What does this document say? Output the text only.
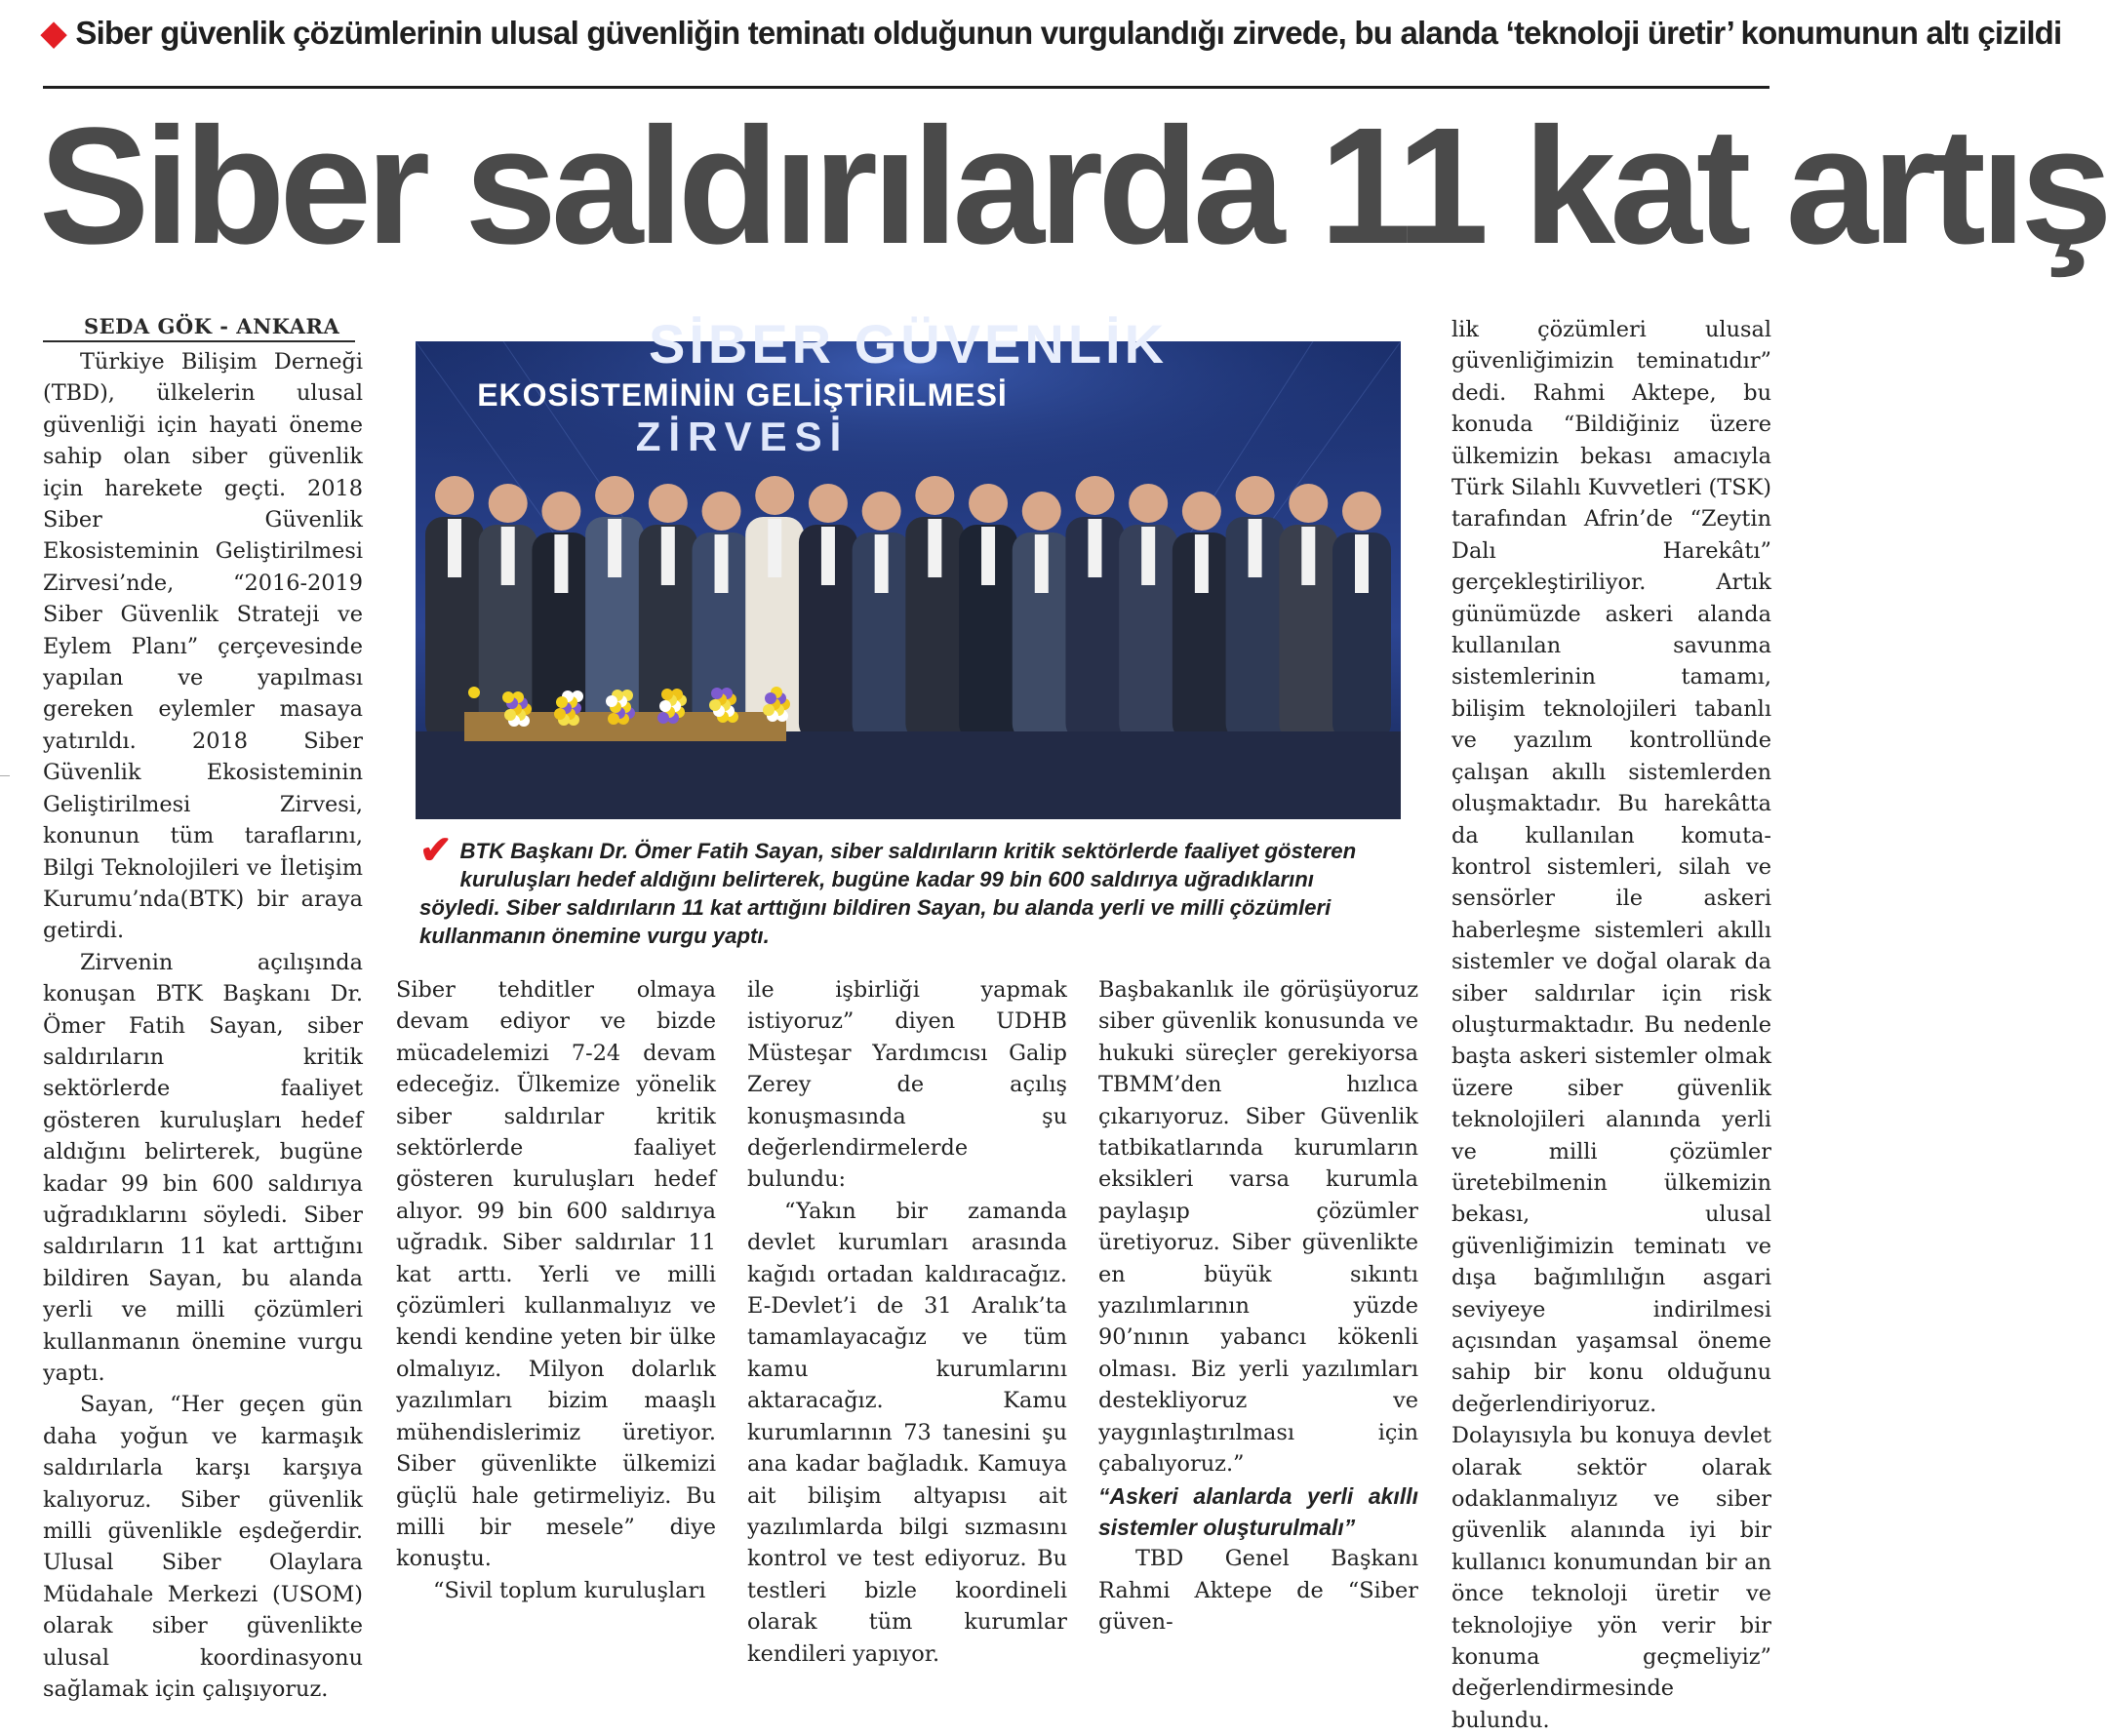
◆ Siber güvenlik çözümlerinin ulusal güvenliğin teminatı olduğunun vurgulandığı zirvede, bu alanda ‘teknoloji üretir’ konumunun altı çizildi
Siber saldırılarda 11 kat artış
SEDA GÖK - ANKARA

Türkiye Bilişim Derneği (TBD), ülkelerin ulusal güvenliği için hayati öneme sahip olan siber güvenlik için harekete geçti. 2018 Siber Güvenlik Ekosisteminin Geliştirilmesi Zirvesi’nde, “2016-2019 Siber Güvenlik Strateji ve Eylem Planı” çerçevesinde yapılan ve yapılması gereken eylemler masaya yatırıldı. 2018 Siber Güvenlik Ekosisteminin Geliştirilmesi Zirvesi, konunun tüm taraflarını, Bilgi Teknolojileri ve İletişim Kurumu’nda(BTK) bir araya getirdi.

Zirvenin açılışında konuşan BTK Başkanı Dr. Ömer Fatih Sayan, siber saldırıların kritik sektörlerde faaliyet gösteren kuruluşları hedef aldığını belirterek, bugüne kadar 99 bin 600 saldırıya uğradıklarını söyledi. Siber saldırıların 11 kat arttığını bildiren Sayan, bu alanda yerli ve milli çözümleri kullanmanın önemine vurgu yaptı.

Sayan, “Her geçen gün daha yoğun ve karmaşık saldırılarla karşı karşıya kalıyoruz. Siber güvenlik milli güvenlikle eşdeğerdir. Ulusal Siber Olaylara Müdahale Merkezi (USOM) olarak siber güvenlikte ulusal koordinasyonu sağlamak için çalışıyoruz.

SİBER GÜVENLİK
EKOSİSTEMİNİN GELİŞTİRİLMESİ
ZİRVESİ
✔ BTK Başkanı Dr. Ömer Fatih Sayan, siber saldırıların kritik sektörlerde faaliyet gösteren kuruluşları hedef aldığını belirterek, bugüne kadar 99 bin 600 saldırıya uğradıklarını söyledi. Siber saldırıların 11 kat arttığını bildiren Sayan, bu alanda yerli ve milli çözümleri kullanmanın önemine vurgu yaptı.

Siber tehditler olmaya devam ediyor ve bizde mücadelemizi 7-24 devam edeceğiz. Ülkemize yönelik siber saldırılar kritik sektörlerde faaliyet gösteren kuruluşları hedef alıyor. 99 bin 600 saldırıya uğradık. Siber saldırılar 11 kat arttı. Yerli ve milli çözümleri kullanmalıyız ve kendi kendine yeten bir ülke olmalıyız. Milyon dolarlık yazılımları bizim maaşlı mühendislerimiz üretiyor. Siber güvenlikte ülkemizi güçlü hale getirmeliyiz. Bu milli bir mesele” diye konuştu.

“Sivil toplum kuruluşları

ile işbirliği yapmak istiyoruz” diyen UDHB Müsteşar Yardımcısı Galip Zerey de açılış konuşmasında şu değerlendirmelerde bulundu:

“Yakın bir zamanda devlet kurumları arasında kağıdı ortadan kaldıracağız. E-Devlet’i de 31 Aralık’ta tamamlayacağız ve tüm kamu kurumlarını aktaracağız. Kamu kurumlarının 73 tanesini şu ana kadar bağladık. Kamuya ait bilişim altyapısı ait yazılımlarda bilgi sızmasını kontrol ve test ediyoruz. Bu testleri bizle koordineli olarak tüm kurumlar kendileri yapıyor.

Başbakanlık ile görüşüyoruz siber güvenlik konusunda ve hukuki süreçler gerekiyorsa TBMM’den hızlıca çıkarıyoruz. Siber Güvenlik tatbikatlarında kurumların eksikleri varsa kurumla paylaşıp çözümler üretiyoruz. Siber güvenlikte en büyük sıkıntı yazılımlarının yüzde 90’nının yabancı kökenli olması. Biz yerli yazılımları destekliyoruz ve yaygınlaştırılması için çabalıyoruz.”

“Askeri alanlarda yerli akıllı sistemler oluşturulmalı”

TBD Genel Başkanı Rahmi Aktepe de “Siber güven-

lik çözümleri ulusal güvenliğimizin teminatıdır” dedi. Rahmi Aktepe, bu konuda “Bildiğiniz üzere ülkemizin bekası amacıyla Türk Silahlı Kuvvetleri (TSK) tarafından Afrin’de “Zeytin Dalı Harekâtı” gerçekleştiriliyor. Artık günümüzde askeri alanda kullanılan savunma sistemlerinin tamamı, bilişim teknolojileri tabanlı ve yazılım kontrollünde çalışan akıllı sistemlerden oluşmaktadır. Bu harekâtta da kullanılan komuta-kontrol sistemleri, silah ve sensörler ile askeri haberleşme sistemleri akıllı sistemler ve doğal olarak da siber saldırılar için risk oluşturmaktadır. Bu nedenle başta askeri sistemler olmak üzere siber güvenlik teknolojileri alanında yerli ve milli çözümler üretebilmenin ülkemizin bekası, ulusal güvenliğimizin teminatı ve dışa bağımlılığın asgari seviyeye indirilmesi açısından yaşamsal öneme sahip bir konu olduğunu değerlendiriyoruz. Dolayısıyla bu konuya devlet olarak sektör olarak odaklanmalıyız ve siber güvenlik alanında iyi bir kullanıcı konumundan bir an önce teknoloji üretir ve teknolojiye yön verir bir konuma geçmeliyiz” değerlendirmesinde bulundu.
